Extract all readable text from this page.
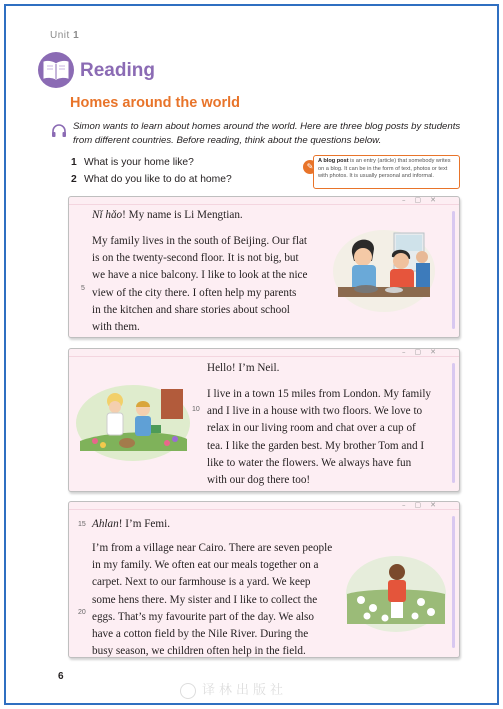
Unit 1
Reading
Homes around the world
Simon wants to learn about homes around the world. Here are three blog posts by students from different countries. Before reading, think about the questions below.
1 What is your home like?
2 What do you like to do at home?
✎
A blog post is an entry (article) that somebody writes on a blog. It can be in the form of text, photos or text with photos. It is usually personal and informal.
–▢✕
Nǐ hǎo! My name is Li Mengtian.

My family lives in the south of Beijing. Our flat

is on the twenty-second floor. It is not big, but

we have a nice balcony. I like to look at the nice

view of the city there. I often help my parents

in the kitchen and share stories about school

with them.

5
–▢✕
10
Hello! I’m Neil.

I live in a town 15 miles from London. My family

and I live in a house with two floors. We love to

relax in our living room and chat over a cup of

tea. I like the garden best. My brother Tom and I

like to water the flowers. We always have fun

with our dog there too!

–▢✕
15 Ahlan! I’m Femi.

I’m from a village near Cairo. There are seven people

in my family. We often eat our meals together on a

carpet. Next to our farmhouse is a yard. We keep

some hens there. My sister and I like to collect the

eggs. That’s my favourite part of the day. We also

have a cotton field by the Nile River. During the

busy season, we children often help in the field.

20
6
译林出版社
